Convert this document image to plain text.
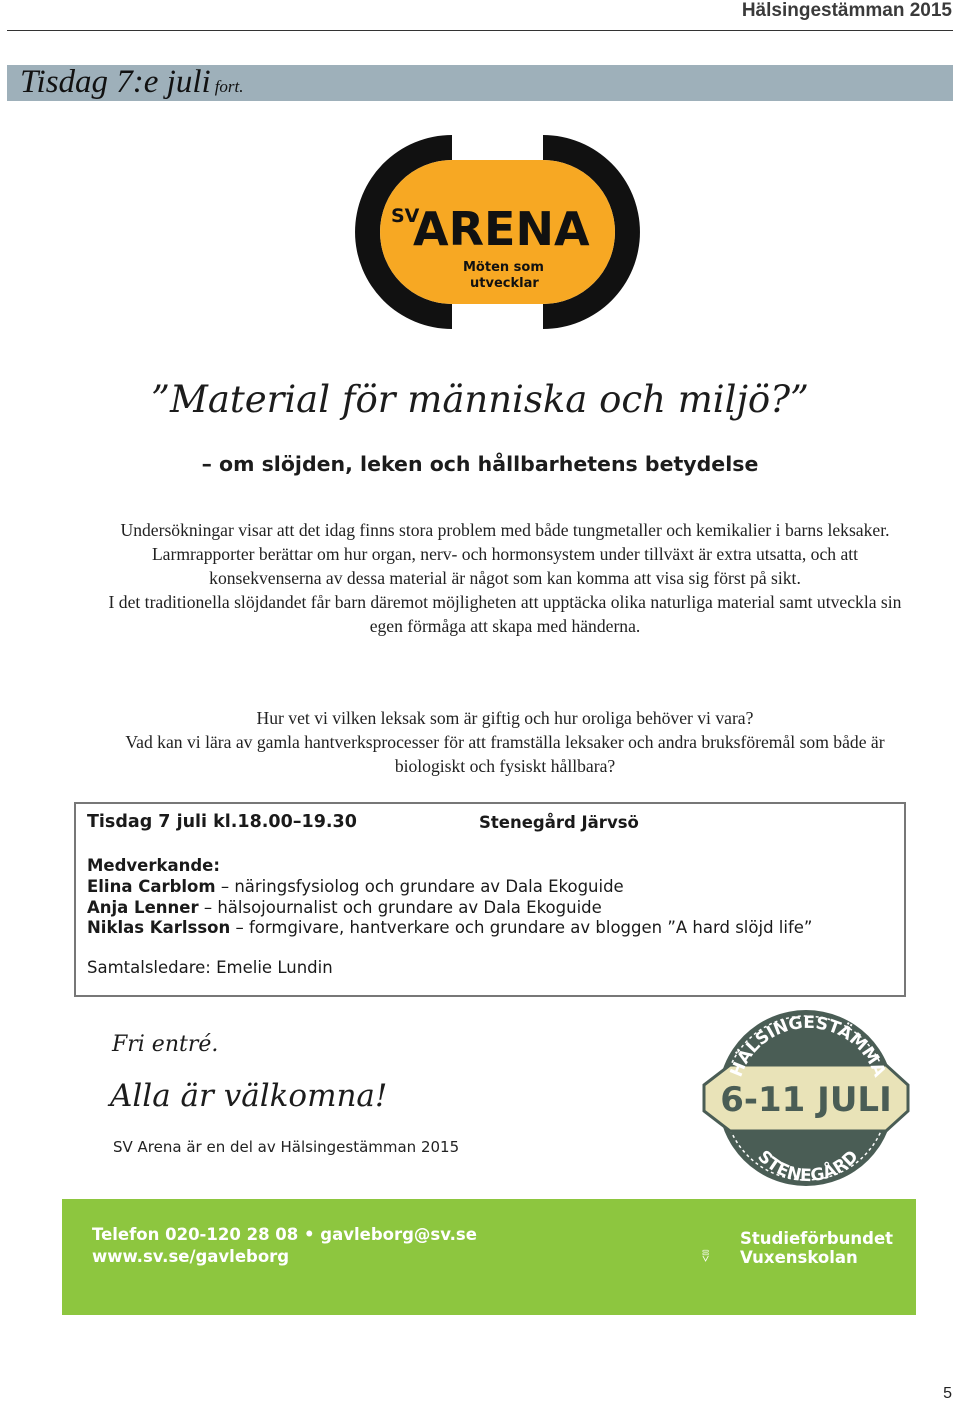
Hälsingestämman 2015
Tisdag 7:e juli fort.
SV
ARENA
Möten som
utvecklar
”Material för människa och miljö?”
– om slöjden, leken och hållbarhetens betydelse
Undersökningar visar att det idag finns stora problem med både tungmetaller och kemikalier i barns leksaker. Larmrapporter berättar om hur organ, nerv- och hormonsystem under tillväxt är extra utsatta, och att konsekvenserna av dessa material är något som kan komma att visa sig först på sikt.
I det traditionella slöjdandet får barn däremot möjligheten att upptäcka olika naturliga material samt utveckla sin egen förmåga att skapa med händerna.
Hur vet vi vilken leksak som är giftig och hur oroliga behöver vi vara?
Vad kan vi lära av gamla hantverksprocesser för att framställa leksaker och andra bruksföremål som både är biologiskt och fysiskt hållbara?
Tisdag 7 juli kl.18.00–19.30	Stenegård Järvsö
Medverkande:
Elina Carblom – näringsfysiolog och grundare av Dala Ekoguide
Anja Lenner – hälsojournalist och grundare av Dala Ekoguide
Niklas Karlsson – formgivare, hantverkare och grundare av bloggen ”A hard slöjd life”
Samtalsledare: Emelie Lundin
Fri entré.
Alla är välkomna!
SV Arena är en del av Hälsingestämman 2015
HÄLSINGESTÄMMA
6-11 JULI
STENEGÅRD
Telefon 020-120 28 08 • gavleborg@sv.se
www.sv.se/gavleborg
Studieförbundet
Vuxenskolan
5
